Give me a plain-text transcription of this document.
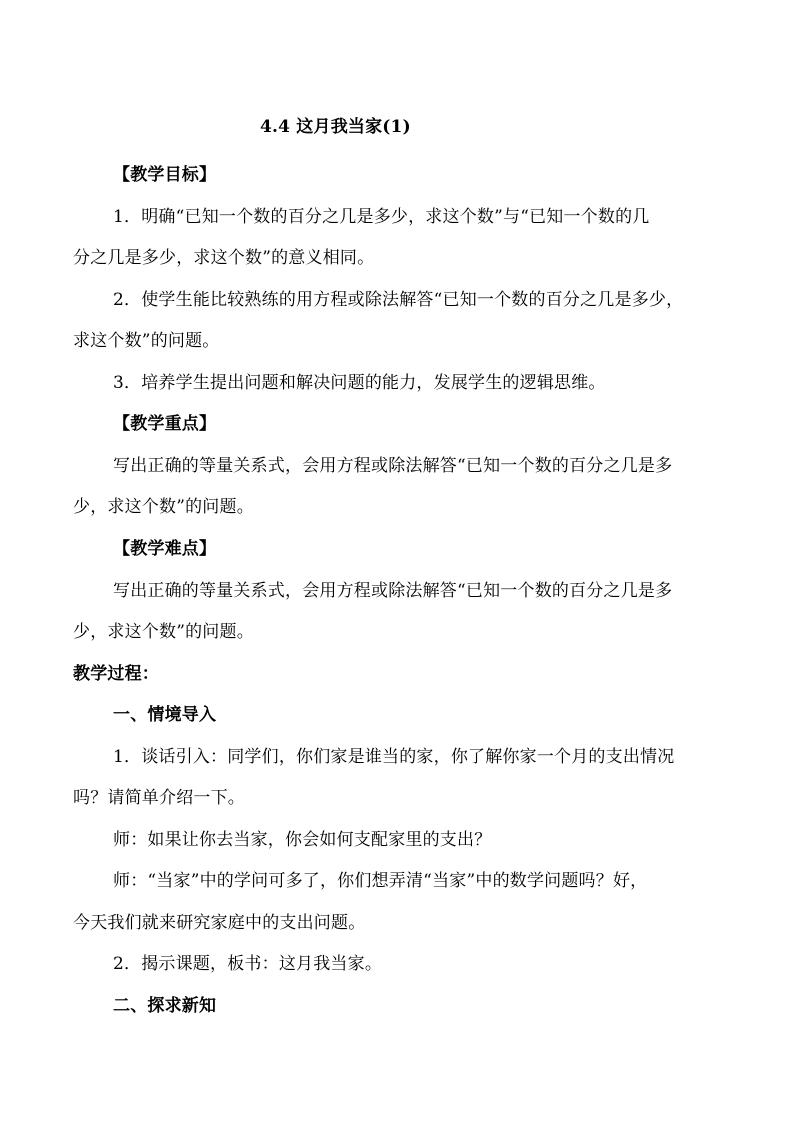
4.4 这月我当家(1)
【教学目标】
1．明确“已知一个数的百分之几是多少，求这个数”与“已知一个数的几
分之几是多少，求这个数”的意义相同。
2．使学生能比较熟练的用方程或除法解答“已知一个数的百分之几是多少，
求这个数”的问题。
3．培养学生提出问题和解决问题的能力，发展学生的逻辑思维。
【教学重点】
写出正确的等量关系式，会用方程或除法解答“已知一个数的百分之几是多
少，求这个数”的问题。
【教学难点】
写出正确的等量关系式，会用方程或除法解答“已知一个数的百分之几是多
少，求这个数”的问题。
教学过程：
一、情境导入
1．谈话引入：同学们，你们家是谁当的家，你了解你家一个月的支出情况
吗？请简单介绍一下。
师：如果让你去当家，你会如何支配家里的支出？
师：“当家”中的学问可多了，你们想弄清“当家”中的数学问题吗？好，
今天我们就来研究家庭中的支出问题。
2．揭示课题，板书：这月我当家。
二、探求新知
